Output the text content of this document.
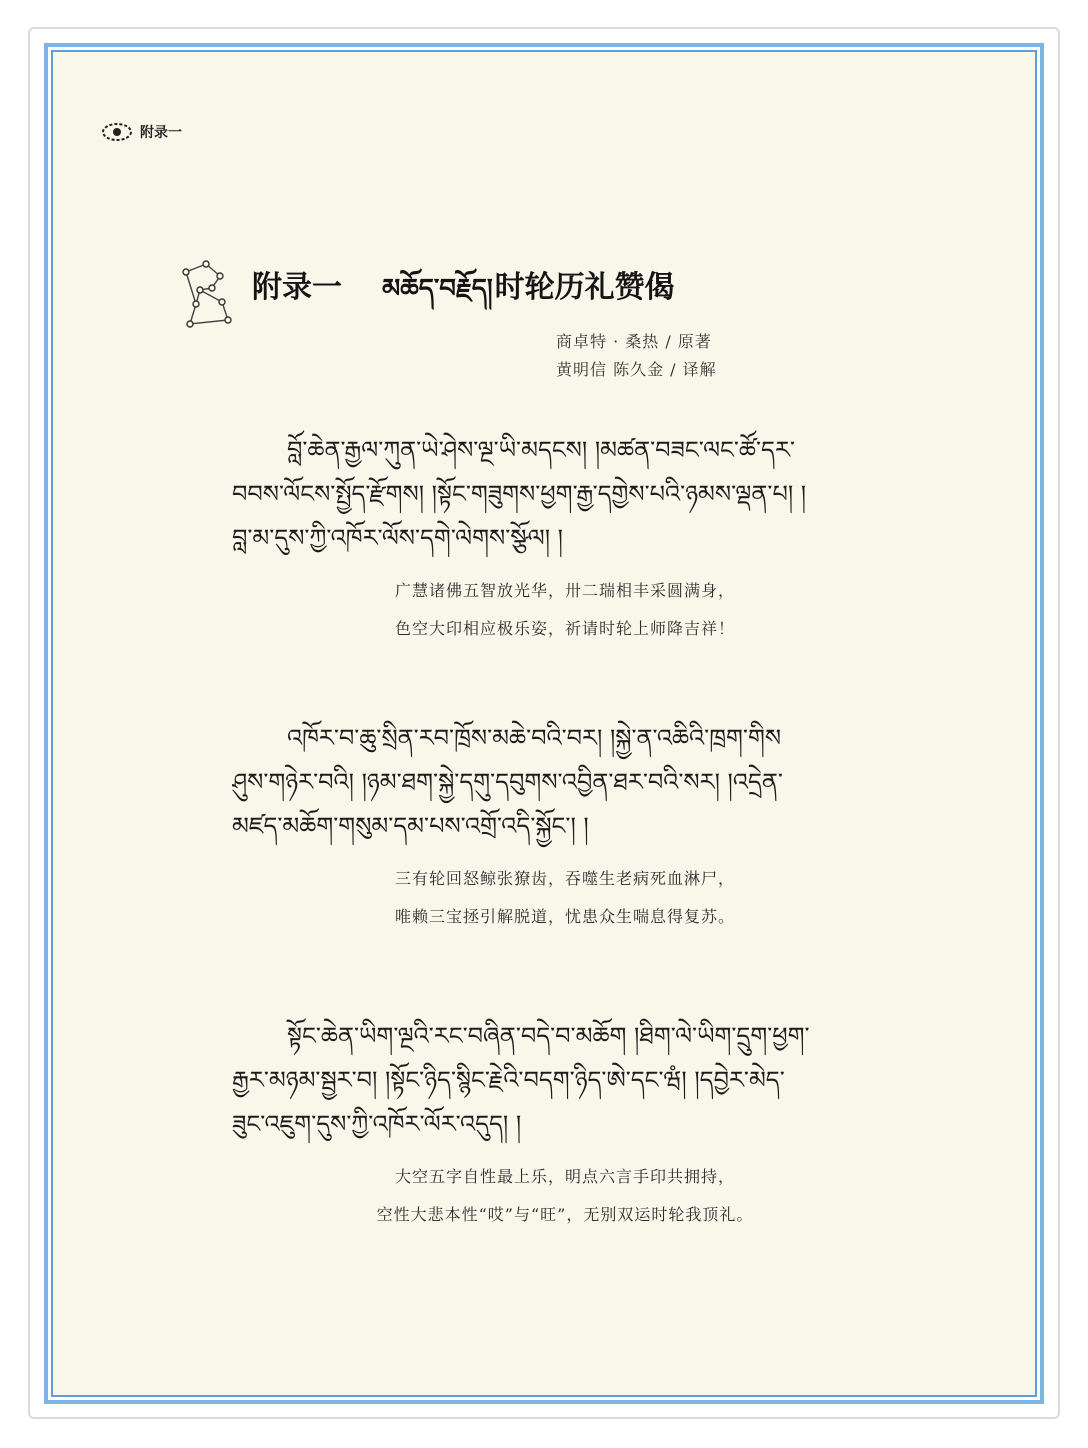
附录一
附录一 མཆོད་བརྗོད། 时轮历礼赞偈
商卓特 · 桑热 / 原著
黄明信 陈久金 / 译解
བློ་ཆེན་རྒྱལ་ཀུན་ཡེ་ཤེས་ལྔ་ཡི་མདངས། །མཚན་བཟང་ལང་ཚོ་དར་
བབས་ལོངས་སྤྱོད་རྫོགས། །སྟོང་གཟུགས་ཕྱག་རྒྱ་དགྱེས་པའི་ཉམས་ལྡན་པ། །
བླ་མ་དུས་ཀྱི་འཁོར་ལོས་དགེ་ལེགས་སྩོལ། །
广慧诸佛五智放光华，卅二瑞相丰采圆满身，
色空大印相应极乐姿，祈请时轮上师降吉祥！
འཁོར་བ་ཆུ་སྲིན་རབ་ཁྲོས་མཆེ་བའི་བར། །སྐྱེ་ན་འཆིའི་ཁྲག་གིས
ཤུས་གཉེར་བའི། །ཉམ་ཐག་སྐྱེ་དགུ་དབུགས་འབྱིན་ཐར་བའི་སར། །འདྲེན་
མཛད་མཆོག་གསུམ་དམ་པས་འགྲོ་འདི་སྐྱོང་། །
三有轮回怒鲸张獠齿，吞噬生老病死血淋尸，
唯赖三宝拯引解脱道，忧患众生喘息得复苏。
སྟོང་ཆེན་ཡིག་ལྔའི་རང་བཞིན་བདེ་བ་མཆོག །ཐིག་ལེ་ཡིག་དྲུག་ཕྱག་
རྒྱར་མཉམ་སྦྱར་བ། །སྟོང་ཉིད་སྙིང་རྗེའི་བདག་ཉིད་ཨེ་དང་ཝཾ། །དབྱེར་མེད་
ཟུང་འཇུག་དུས་ཀྱི་འཁོར་ལོར་འདུད། །
大空五字自性最上乐，明点六言手印共拥持，
空性大悲本性“哎”与“旺”，无别双运时轮我顶礼。
